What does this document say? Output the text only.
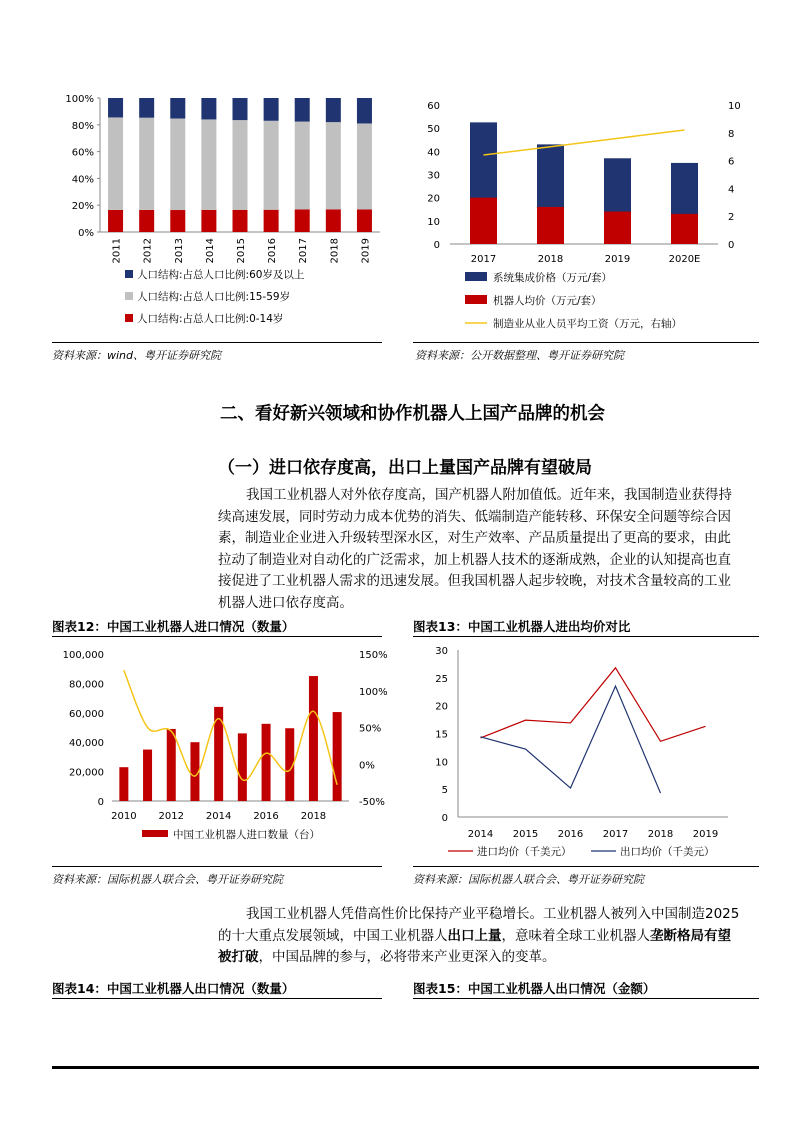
0%
20%
40%
60%
80%
100%
2011 2012 2013 2014 2015 2016 2017 2018 2019
人口结构:占总人口比例:60岁及以上
人口结构:占总人口比例:15-59岁
人口结构:占总人口比例:0-14岁
资料来源：wind、粤开证券研究院
0
10
20
30
40
50
60
0
2
4
6
8
10
2017	2018	2019	2020E
系统集成价格（万元/套）
机器人均价（万元/套）
制造业从业人员平均工资（万元，右轴）
资料来源：公开数据整理、粤开证券研究院
二、看好新兴领域和协作机器人上国产品牌的机会
（一）进口依存度高，出口上量国产品牌有望破局
我国工业机器人对外依存度高，国产机器人附加值低。近年来，我国制造业获得持
续高速发展，同时劳动力成本优势的消失、低端制造产能转移、环保安全问题等综合因
素，制造业企业进入升级转型深水区，对生产效率、产品质量提出了更高的要求，由此
拉动了制造业对自动化的广泛需求，加上机器人技术的逐渐成熟，企业的认知提高也直
接促进了工业机器人需求的迅速发展。但我国机器人起步较晚，对技术含量较高的工业
机器人进口依存度高。
图表12：中国工业机器人进口情况（数量）	图表13：中国工业机器人进出均价对比
0
20,000
40,000
60,000
80,000
100,000
-50%
0%
50%
100%
150%
2010 2012 2014 2016 2018
中国工业机器人进口数量（台）
0
5
10
15
20
25
30
2014 2015 2016 2017 2018 2019
进口均价（千美元）	出口均价（千美元）
资料来源：国际机器人联合会、粤开证券研究院	资料来源：国际机器人联合会、粤开证券研究院
我国工业机器人凭借高性价比保持产业平稳增长。工业机器人被列入中国制造2025
的十大重点发展领域，中国工业机器人出口上量，意味着全球工业机器人垄断格局有望
被打破，中国品牌的参与，必将带来产业更深入的变革。
图表14：中国工业机器人出口情况（数量）	图表15：中国工业机器人出口情况（金额）
